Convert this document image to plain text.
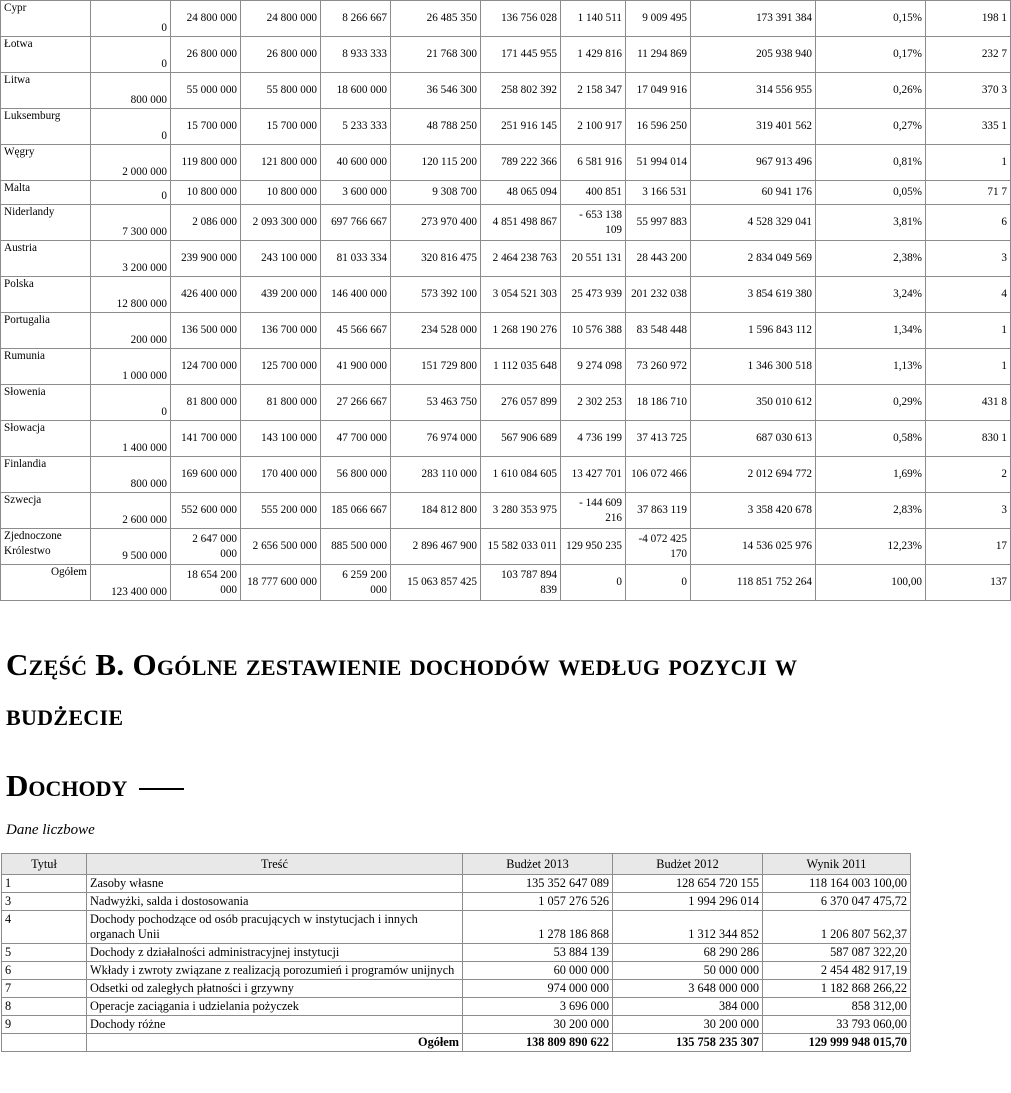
Cypr	0	24 800 000	24 800 000	8 266 667	26 485 350	136 756 028	1 140 511	9 009 495	173 391 384	0,15%	198 1
Łotwa	0	26 800 000	26 800 000	8 933 333	21 768 300	171 445 955	1 429 816	11 294 869	205 938 940	0,17%	232 7
Litwa	800 000	55 000 000	55 800 000	18 600 000	36 546 300	258 802 392	2 158 347	17 049 916	314 556 955	0,26%	370 3
Luksemburg	0	15 700 000	15 700 000	5 233 333	48 788 250	251 916 145	2 100 917	16 596 250	319 401 562	0,27%	335 1
Węgry	2 000 000	119 800 000	121 800 000	40 600 000	120 115 200	789 222 366	6 581 916	51 994 014	967 913 496	0,81%	1
Malta	0	10 800 000	10 800 000	3 600 000	9 308 700	48 065 094	400 851	3 166 531	60 941 176	0,05%	71 7
Niderlandy	7 300 000	2 086 000	2 093 300 000	697 766 667	273 970 400	4 851 498 867	- 653 138 109	55 997 883	4 528 329 041	3,81%	6
Austria	3 200 000	239 900 000	243 100 000	81 033 334	320 816 475	2 464 238 763	20 551 131	28 443 200	2 834 049 569	2,38%	3
Polska	12 800 000	426 400 000	439 200 000	146 400 000	573 392 100	3 054 521 303	25 473 939	201 232 038	3 854 619 380	3,24%	4
Portugalia	200 000	136 500 000	136 700 000	45 566 667	234 528 000	1 268 190 276	10 576 388	83 548 448	1 596 843 112	1,34%	1
Rumunia	1 000 000	124 700 000	125 700 000	41 900 000	151 729 800	1 112 035 648	9 274 098	73 260 972	1 346 300 518	1,13%	1
Słowenia	0	81 800 000	81 800 000	27 266 667	53 463 750	276 057 899	2 302 253	18 186 710	350 010 612	0,29%	431 8
Słowacja	1 400 000	141 700 000	143 100 000	47 700 000	76 974 000	567 906 689	4 736 199	37 413 725	687 030 613	0,58%	830 1
Finlandia	800 000	169 600 000	170 400 000	56 800 000	283 110 000	1 610 084 605	13 427 701	106 072 466	2 012 694 772	1,69%	2
Szwecja	2 600 000	552 600 000	555 200 000	185 066 667	184 812 800	3 280 353 975	- 144 609 216	37 863 119	3 358 420 678	2,83%	3
Zjednoczone Królestwo	9 500 000	2 647 000 000	2 656 500 000	885 500 000	2 896 467 900	15 582 033 011	129 950 235	-4 072 425 170	14 536 025 976	12,23%	17
Ogółem	123 400 000	18 654 200 000	18 777 600 000	6 259 200 000	15 063 857 425	103 787 894 839	0	0	118 851 752 264	100,00	137
Część B. Ogólne zestawienie dochodów według pozycji w budżecie
Dochody

Dane liczbowe

Tytuł	Treść	Budżet 2013	Budżet 2012	Wynik 2011
1	Zasoby własne	135 352 647 089	128 654 720 155	118 164 003 100,00
3	Nadwyżki, salda i dostosowania	1 057 276 526	1 994 296 014	6 370 047 475,72
4	Dochody pochodzące od osób pracujących w instytucjach i innych organach Unii	1 278 186 868	1 312 344 852	1 206 807 562,37
5	Dochody z działalności administracyjnej instytucji	53 884 139	68 290 286	587 087 322,20
6	Wkłady i zwroty związane z realizacją porozumień i programów unijnych	60 000 000	50 000 000	2 454 482 917,19
7	Odsetki od zaległych płatności i grzywny	974 000 000	3 648 000 000	1 182 868 266,22
8	Operacje zaciągania i udzielania pożyczek	3 696 000	384 000	858 312,00
9	Dochody różne	30 200 000	30 200 000	33 793 060,00
	Ogółem	138 809 890 622	135 758 235 307	129 999 948 015,70
